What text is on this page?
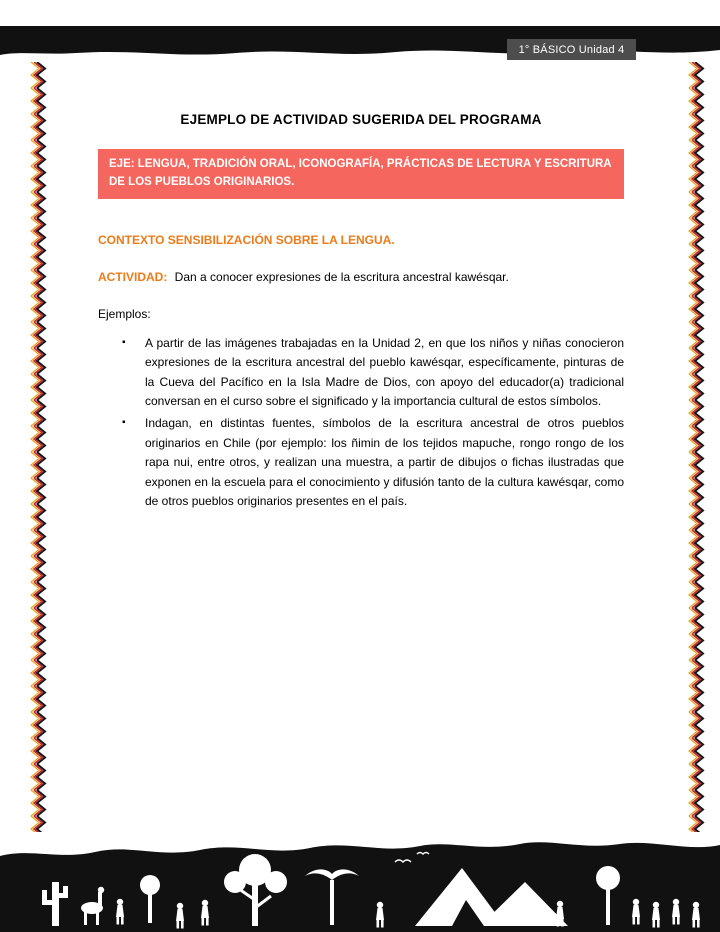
1° BÁSICO Unidad 4
EJEMPLO DE ACTIVIDAD SUGERIDA DEL PROGRAMA
EJE: LENGUA, TRADICIÓN ORAL, ICONOGRAFÍA, PRÁCTICAS DE LECTURA Y ESCRITURA DE LOS PUEBLOS ORIGINARIOS.
CONTEXTO SENSIBILIZACIÓN SOBRE LA LENGUA.

ACTIVIDAD: Dan a conocer expresiones de la escritura ancestral kawésqar.

Ejemplos:

▪ A partir de las imágenes trabajadas en la Unidad 2, en que los niños y niñas conocieron expresiones de la escritura ancestral del pueblo kawésqar, específicamente, pinturas de la Cueva del Pacífico en la Isla Madre de Dios, con apoyo del educador(a) tradicional conversan en el curso sobre el significado y la importancia cultural de estos símbolos.
▪ Indagan, en distintas fuentes, símbolos de la escritura ancestral de otros pueblos originarios en Chile (por ejemplo: los ñimin de los tejidos mapuche, rongo rongo de los rapa nui, entre otros, y realizan una muestra, a partir de dibujos o fichas ilustradas que exponen en la escuela para el conocimiento y difusión tanto de la cultura kawésqar, como de otros pueblos originarios presentes en el país.
